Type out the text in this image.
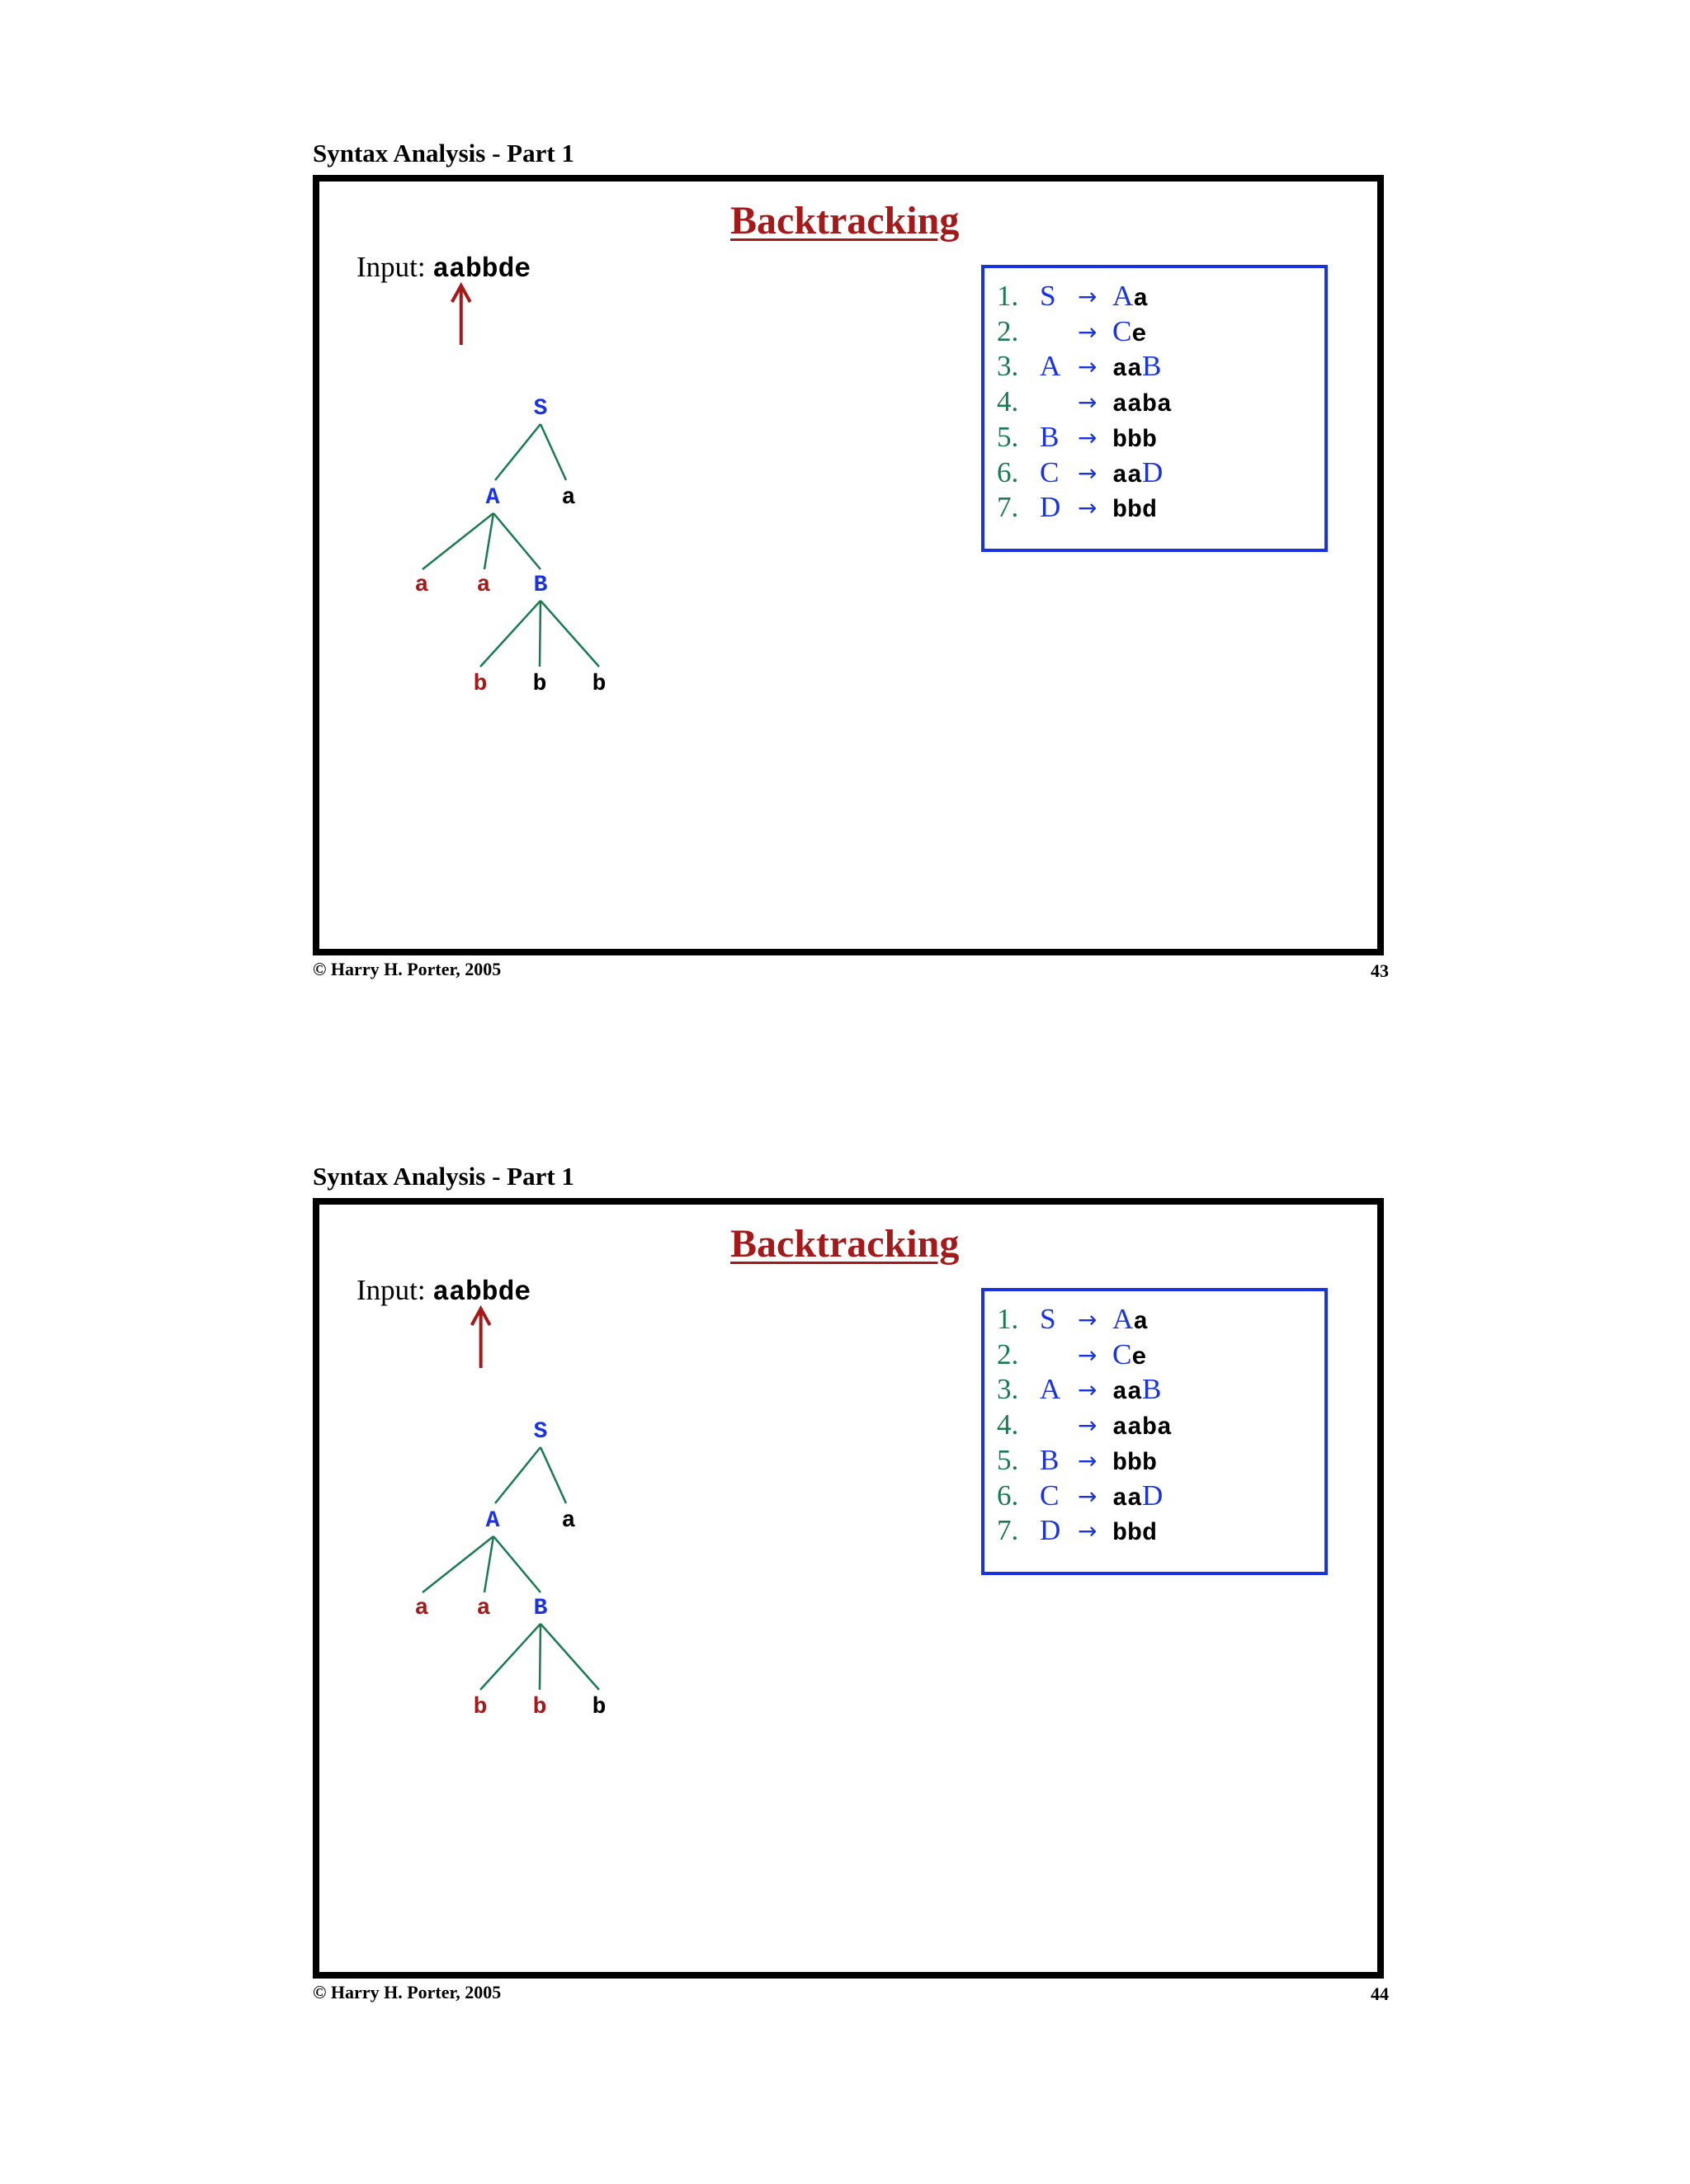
Syntax Analysis - Part 1
Backtracking
Input: aabbde
S
A	a
a a B
b b b
1. S → Aa
2.	→ Ce
3. A → aaB
4.	→ aaba
5. B → bbb
6. C → aaD
7. D → bbd
© Harry H. Porter, 2005	43
Syntax Analysis - Part 1
Backtracking
Input: aabbde
S
A	a
a a B
b b b
1. S → Aa
2.	→ Ce
3. A → aaB
4.	→ aaba
5. B → bbb
6. C → aaD
7. D → bbd
© Harry H. Porter, 2005	44
